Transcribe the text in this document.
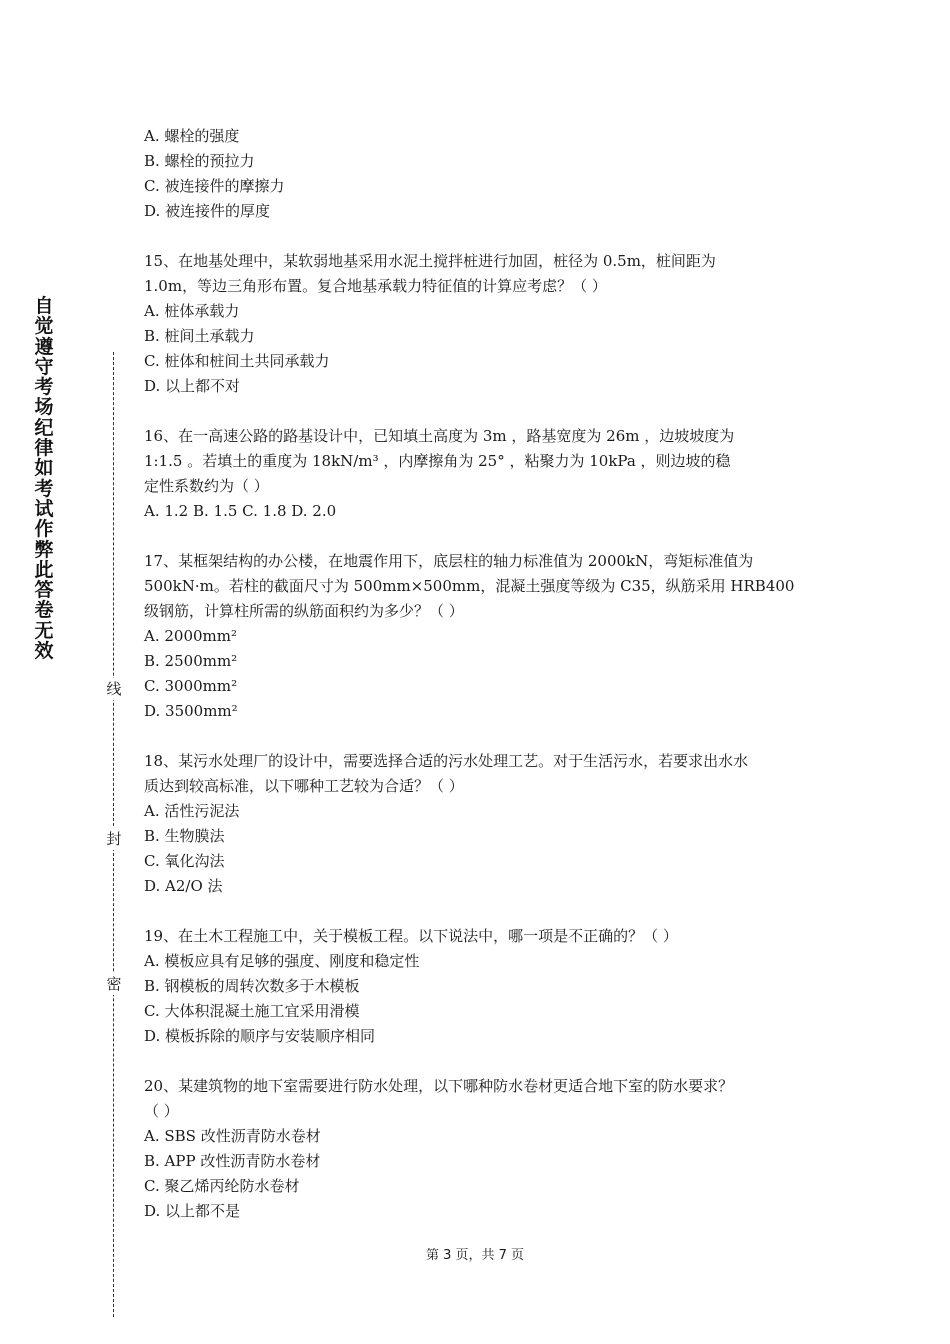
自觉遵守考场纪律如考试作弊此答卷无效
线
封
密
A. 螺栓的强度
B. 螺栓的预拉力
C. 被连接件的摩擦力
D. 被连接件的厚度
15、在地基处理中，某软弱地基采用水泥土搅拌桩进行加固，桩径为 0.5m，桩间距为
1.0m，等边三角形布置。复合地基承载力特征值的计算应考虑？（ ）
A. 桩体承载力
B. 桩间土承载力
C. 桩体和桩间土共同承载力
D. 以上都不对
16、在一高速公路的路基设计中，已知填土高度为 3m ，路基宽度为 26m ，边坡坡度为
1:1.5 。若填土的重度为 18kN/m³ ，内摩擦角为 25° ，粘聚力为 10kPa ，则边坡的稳
定性系数约为（ ）
A. 1.2 B. 1.5 C. 1.8 D. 2.0
17、某框架结构的办公楼，在地震作用下，底层柱的轴力标准值为 2000kN，弯矩标准值为
500kN·m。若柱的截面尺寸为 500mm×500mm，混凝土强度等级为 C35，纵筋采用 HRB400
级钢筋，计算柱所需的纵筋面积约为多少？（ ）
A. 2000mm²
B. 2500mm²
C. 3000mm²
D. 3500mm²
18、某污水处理厂的设计中，需要选择合适的污水处理工艺。对于生活污水，若要求出水水
质达到较高标准，以下哪种工艺较为合适？（ ）
A. 活性污泥法
B. 生物膜法
C. 氧化沟法
D. A2/O 法
19、在土木工程施工中，关于模板工程。以下说法中，哪一项是不正确的？（ ）
A. 模板应具有足够的强度、刚度和稳定性
B. 钢模板的周转次数多于木模板
C. 大体积混凝土施工宜采用滑模
D. 模板拆除的顺序与安装顺序相同
20、某建筑物的地下室需要进行防水处理，以下哪种防水卷材更适合地下室的防水要求？
（ ）
A. SBS 改性沥青防水卷材
B. APP 改性沥青防水卷材
C. 聚乙烯丙纶防水卷材
D. 以上都不是
第 3 页，共 7 页
